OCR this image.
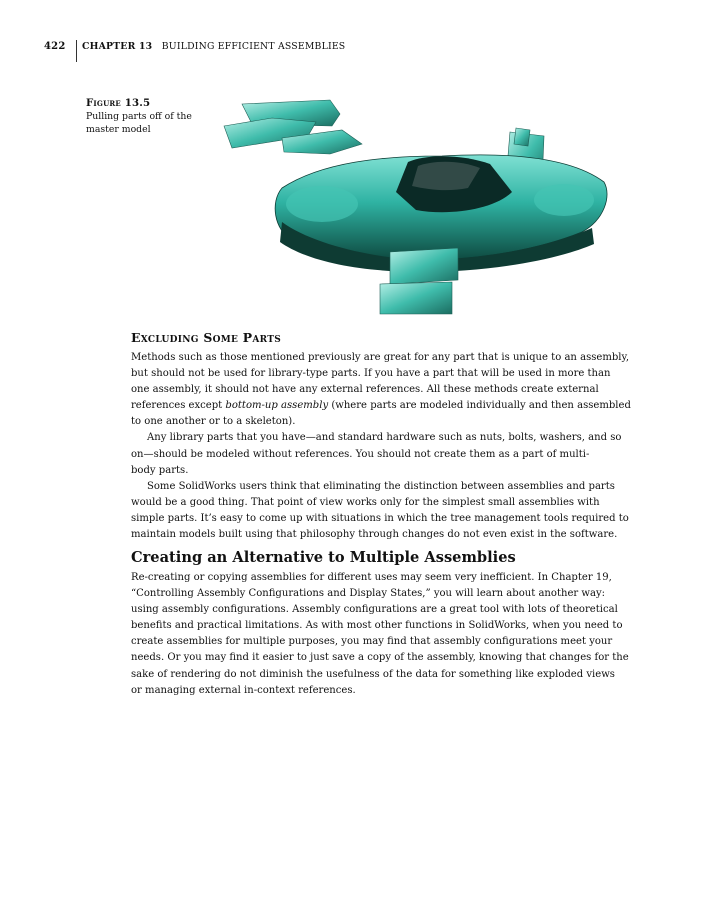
422 CHAPTER 13 BUILDING EFFICIENT ASSEMBLIES
Figure 13.5
Pulling parts off of the
master model
Excluding Some Parts

Methods such as those mentioned previously are great for any part that is unique to an assembly,
but should not be used for library-type parts. If you have a part that will be used in more than
one assembly, it should not have any external references. All these methods create external
references except bottom-up assembly (where parts are modeled individually and then assembled
to one another or to a skeleton).

Any library parts that you have—and standard hardware such as nuts, bolts, washers, and so
on—should be modeled without references. You should not create them as a part of multi-
body parts.

Some SolidWorks users think that eliminating the distinction between assemblies and parts
would be a good thing. That point of view works only for the simplest small assemblies with
simple parts. It’s easy to come up with situations in which the tree management tools required to
maintain models built using that philosophy through changes do not even exist in the software.

Creating an Alternative to Multiple Assemblies

Re-creating or copying assemblies for different uses may seem very inefficient. In Chapter 19,
“Controlling Assembly Configurations and Display States,” you will learn about another way:
using assembly configurations. Assembly configurations are a great tool with lots of theoretical
benefits and practical limitations. As with most other functions in SolidWorks, when you need to
create assemblies for multiple purposes, you may find that assembly configurations meet your
needs. Or you may find it easier to just save a copy of the assembly, knowing that changes for the
sake of rendering do not diminish the usefulness of the data for something like exploded views
or managing external in-context references.
